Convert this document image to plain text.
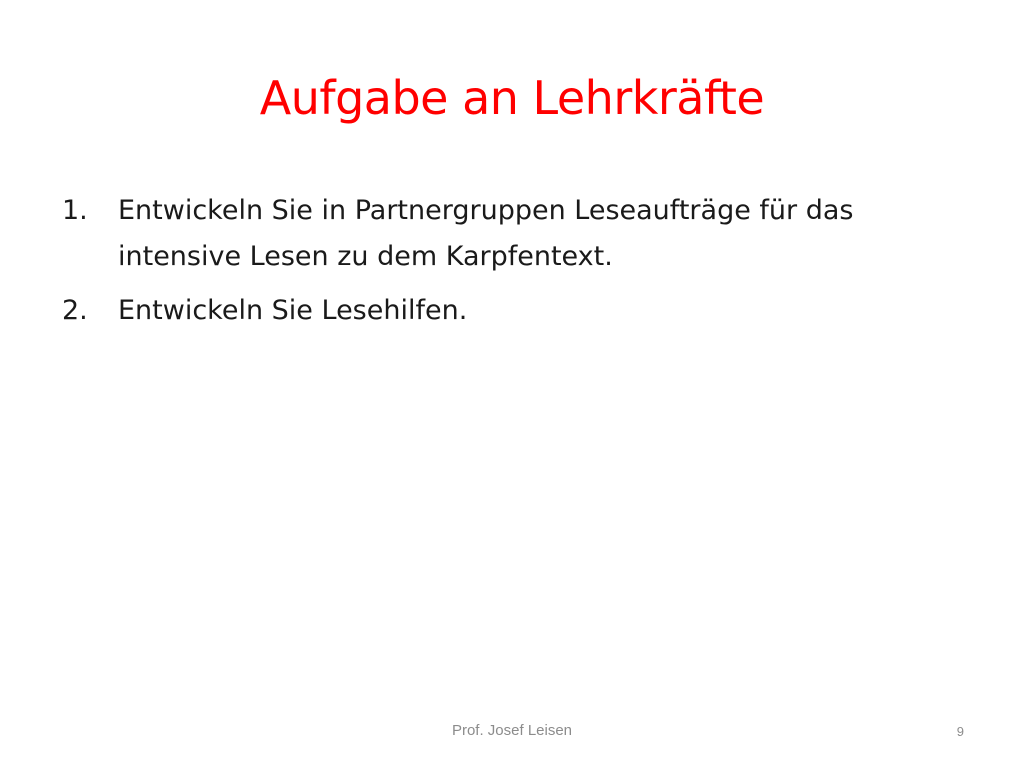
Aufgabe an Lehrkräfte
1.	Entwickeln Sie in Partnergruppen Leseaufträge für das intensive Lesen zu dem Karpfentext.
2.	Entwickeln Sie Lesehilfen.
Prof. Josef Leisen	9
